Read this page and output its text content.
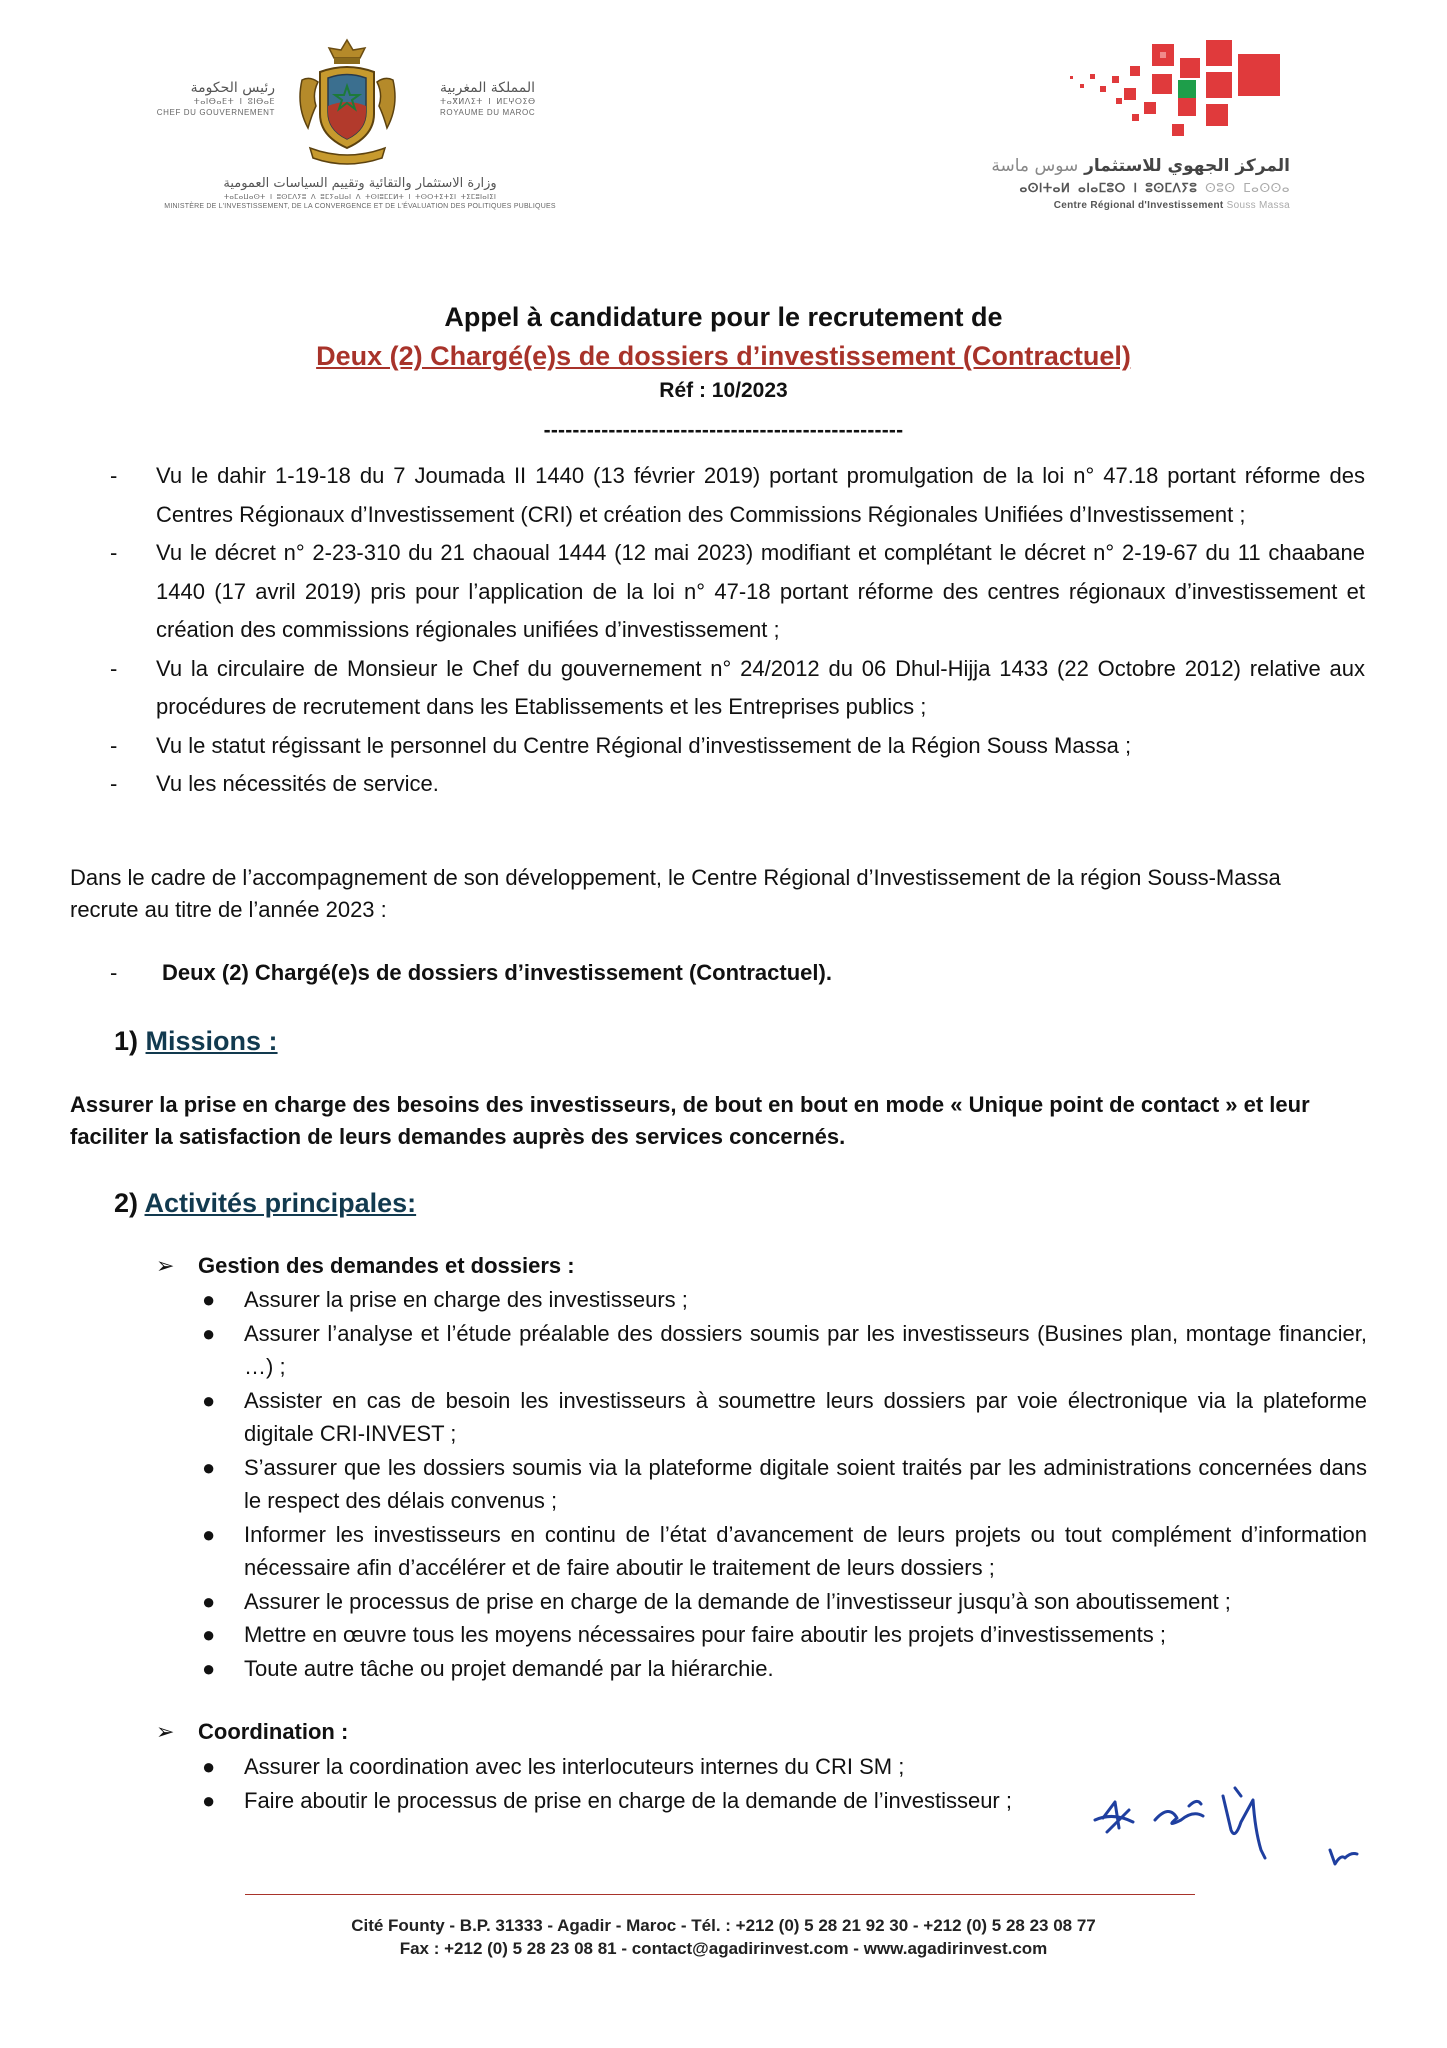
رئيس الحكومة
ⵜⴰⵏⴱⴰⴹⵜ ⵏ ⵓⵏⴱⴰⴹ
CHEF DU GOUVERNEMENT
المملكة المغربية
ⵜⴰⴳⵍⴷⵉⵜ ⵏ ⵍⵎⵖⵔⵉⴱ
ROYAUME DU MAROC
وزارة الاستثمار والتقائية وتقييم السياسات العمومية
ⵜⴰⵎⴰⵡⴰⵙⵜ ⵏ ⵓⵙⵎⴷⵢⵓ ⴷ ⵓⵎⵢⴰⵡⴰⵏ ⴷ ⵜⵙⵏⵓⵎⵎⵍⵜ ⵏ ⵜⵙⵔⵜⵉⵜⵉⵏ ⵜⵉⵎⵓⵏⴰⵏⵉⵏ
MINISTÈRE DE L'INVESTISSEMENT, DE LA CONVERGENCE ET DE L'ÉVALUATION DES POLITIQUES PUBLIQUES
المركز الجهوي للاستثمار سوس ماسة
ⴰⵙⵏⵜⴰⵍ ⴰⵏⴰⵎⵓⵔ ⵏ ⵓⵙⵎⴷⵢⵓ ⵙⵓⵙ ⵎⴰⵙⵙⴰ
Centre Régional d'Investissement Souss Massa
Appel à candidature pour le recrutement de
Deux (2) Chargé(e)s de dossiers d’investissement (Contractuel)
Réf : 10/2023
--------------------------------------------------
- Vu le dahir 1-19-18 du 7 Joumada II 1440 (13 février 2019) portant promulgation de la loi n° 47.18 portant réforme des Centres Régionaux d’Investissement (CRI) et création des Commissions Régionales Unifiées d’Investissement ;
- Vu le décret n° 2-23-310 du 21 chaoual 1444 (12 mai 2023) modifiant et complétant le décret n° 2-19-67 du 11 chaabane 1440 (17 avril 2019) pris pour l’application de la loi n° 47-18 portant réforme des centres régionaux d’investissement et création des commissions régionales unifiées d’investissement ;
- Vu la circulaire de Monsieur le Chef du gouvernement n° 24/2012 du 06 Dhul-Hijja 1433 (22 Octobre 2012) relative aux procédures de recrutement dans les Etablissements et les Entreprises publics ;
- Vu le statut régissant le personnel du Centre Régional d’investissement de la Région Souss Massa ;
- Vu les nécessités de service.
Dans le cadre de l’accompagnement de son développement, le Centre Régional d’Investissement de la région Souss-Massa recrute au titre de l’année 2023 :
- Deux (2) Chargé(e)s de dossiers d’investissement (Contractuel).
1) Missions :
Assurer la prise en charge des besoins des investisseurs, de bout en bout en mode « Unique point de contact » et leur faciliter la satisfaction de leurs demandes auprès des services concernés.
2) Activités principales:
➢ Gestion des demandes et dossiers :
● Assurer la prise en charge des investisseurs ;
● Assurer l’analyse et l’étude préalable des dossiers soumis par les investisseurs (Busines plan, montage financier, …) ;
● Assister en cas de besoin les investisseurs à soumettre leurs dossiers par voie électronique via la plateforme digitale CRI-INVEST ;
● S’assurer que les dossiers soumis via la plateforme digitale soient traités par les administrations concernées dans le respect des délais convenus ;
● Informer les investisseurs en continu de l’état d’avancement de leurs projets ou tout complément d’information nécessaire afin d’accélérer et de faire aboutir le traitement de leurs dossiers ;
● Assurer le processus de prise en charge de la demande de l’investisseur jusqu’à son aboutissement ;
● Mettre en œuvre tous les moyens nécessaires pour faire aboutir les projets d’investissements ;
● Toute autre tâche ou projet demandé par la hiérarchie.
➢ Coordination :
● Assurer la coordination avec les interlocuteurs internes du CRI SM ;
● Faire aboutir le processus de prise en charge de la demande de l’investisseur ;
Cité Founty - B.P. 31333 - Agadir - Maroc - Tél. : +212 (0) 5 28 21 92 30 - +212 (0) 5 28 23 08 77
Fax : +212 (0) 5 28 23 08 81 - contact@agadirinvest.com - www.agadirinvest.com
